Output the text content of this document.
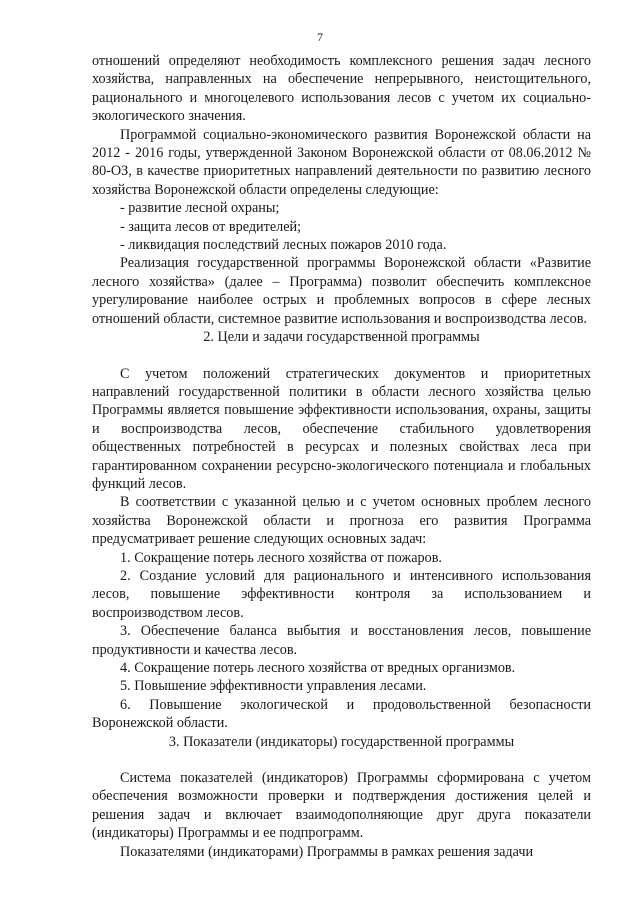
7

отношений определяют необходимость комплексного решения задач лесного хозяйства, направленных на обеспечение непрерывного, неистощительного, рационального и многоцелевого использования лесов с учетом их социально-экологического значения.

Программой социально-экономического развития Воронежской области на 2012 - 2016 годы, утвержденной Законом Воронежской области от 08.06.2012 № 80-ОЗ, в качестве приоритетных направлений деятельности по развитию лесного хозяйства Воронежской области определены следующие:

- развитие лесной охраны;

- защита лесов от вредителей;

- ликвидация последствий лесных пожаров 2010 года.

Реализация государственной программы Воронежской области «Развитие лесного хозяйства» (далее – Программа) позволит обеспечить комплексное урегулирование наиболее острых и проблемных вопросов в сфере лесных отношений области, системное развитие использования и воспроизводства лесов.

2. Цели и задачи государственной программы

С учетом положений стратегических документов и приоритетных направлений государственной политики в области лесного хозяйства целью Программы является повышение эффективности использования, охраны, защиты и воспроизводства лесов, обеспечение стабильного удовлетворения общественных потребностей в ресурсах и полезных свойствах леса при гарантированном сохранении ресурсно-экологического потенциала и глобальных функций лесов.

В соответствии с указанной целью и с учетом основных проблем лесного хозяйства Воронежской области и прогноза его развития Программа предусматривает решение следующих основных задач:

1. Сокращение потерь лесного хозяйства от пожаров.

2. Создание условий для рационального и интенсивного использования лесов, повышение эффективности контроля за использованием и воспроизводством лесов.

3. Обеспечение баланса выбытия и восстановления лесов, повышение продуктивности и качества лесов.

4. Сокращение потерь лесного хозяйства от вредных организмов.

5. Повышение эффективности управления лесами.

6. Повышение экологической и продовольственной безопасности Воронежской области.

3. Показатели (индикаторы) государственной программы

Система показателей (индикаторов) Программы сформирована с учетом обеспечения возможности проверки и подтверждения достижения целей и решения задач и включает взаимодополняющие друг друга показатели (индикаторы) Программы и ее подпрограмм.

Показателями (индикаторами) Программы в рамках решения задачи
